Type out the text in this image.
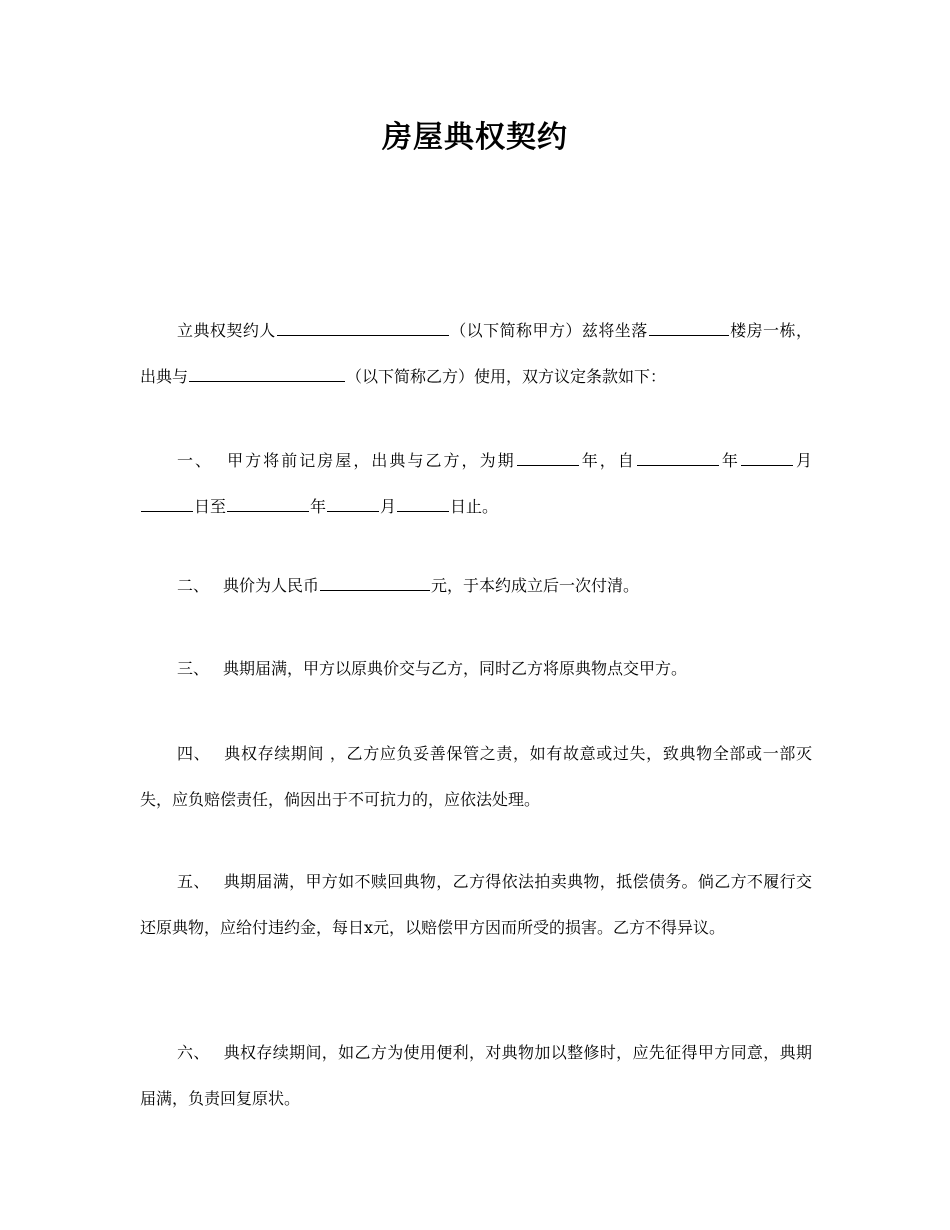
房屋典权契约
立典权契约人	（以下简称甲方）兹将坐落	楼房一栋，出典与	（以下简称乙方）使用，双方议定条款如下：
一、 甲方将前记房屋，出典与乙方，为期	年，自	年	月日至	年	月	日止。
二、 典价为人民币	元，于本约成立后一次付清。
三、 典期届满，甲方以原典价交与乙方，同时乙方将原典物点交甲方。
四、 典权存续期间 ，乙方应负妥善保管之责，如有故意或过失，致典物全部或一部灭失，应负赔偿责任，倘因出于不可抗力的，应依法处理。
五、 典期届满，甲方如不赎回典物，乙方得依法拍卖典物，抵偿债务。倘乙方不履行交还原典物，应给付违约金，每日x元，以赔偿甲方因而所受的损害。乙方不得异议。
六、 典权存续期间，如乙方为使用便利，对典物加以整修时，应先征得甲方同意，典期届满，负责回复原状。
